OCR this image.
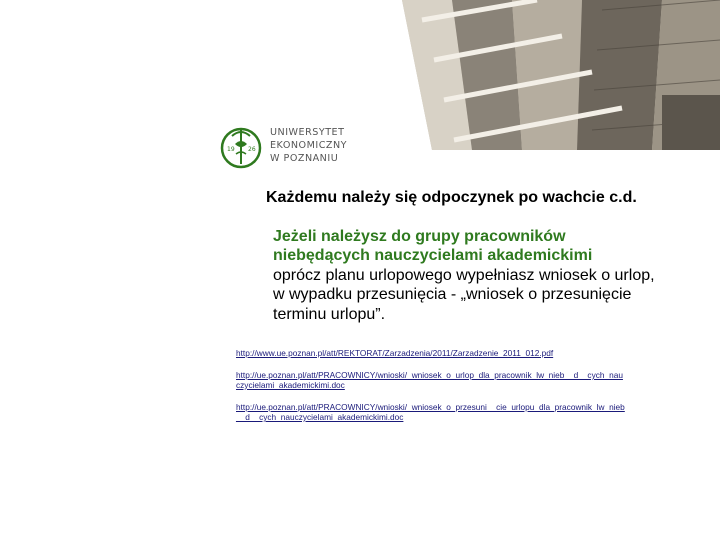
19 26
UNIWERSYTET
EKONOMICZNY
W POZNANIU
Każdemu należy się odpoczynek po wachcie c.d.
Jeżeli należysz do grupy pracowników
niebędących nauczycielami akademickimi
oprócz planu urlopowego wypełniasz wniosek o urlop,
w wypadku przesunięcia - „wniosek o przesunięcie
terminu urlopu”.
http://www.ue.poznan.pl/att/REKTORAT/Zarzadzenia/2011/Zarzadzenie_2011_012.pdf
http://ue.poznan.pl/att/PRACOWNICY/wnioski/_wniosek_o_urlop_dla_pracownik_lw_nieb__d__cych_nau
czycielami_akademickimi.doc
http://ue.poznan.pl/att/PRACOWNICY/wnioski/_wniosek_o_przesuni__cie_urlopu_dla_pracownik_lw_nieb
__d__cych_nauczycielami_akademickimi.doc
